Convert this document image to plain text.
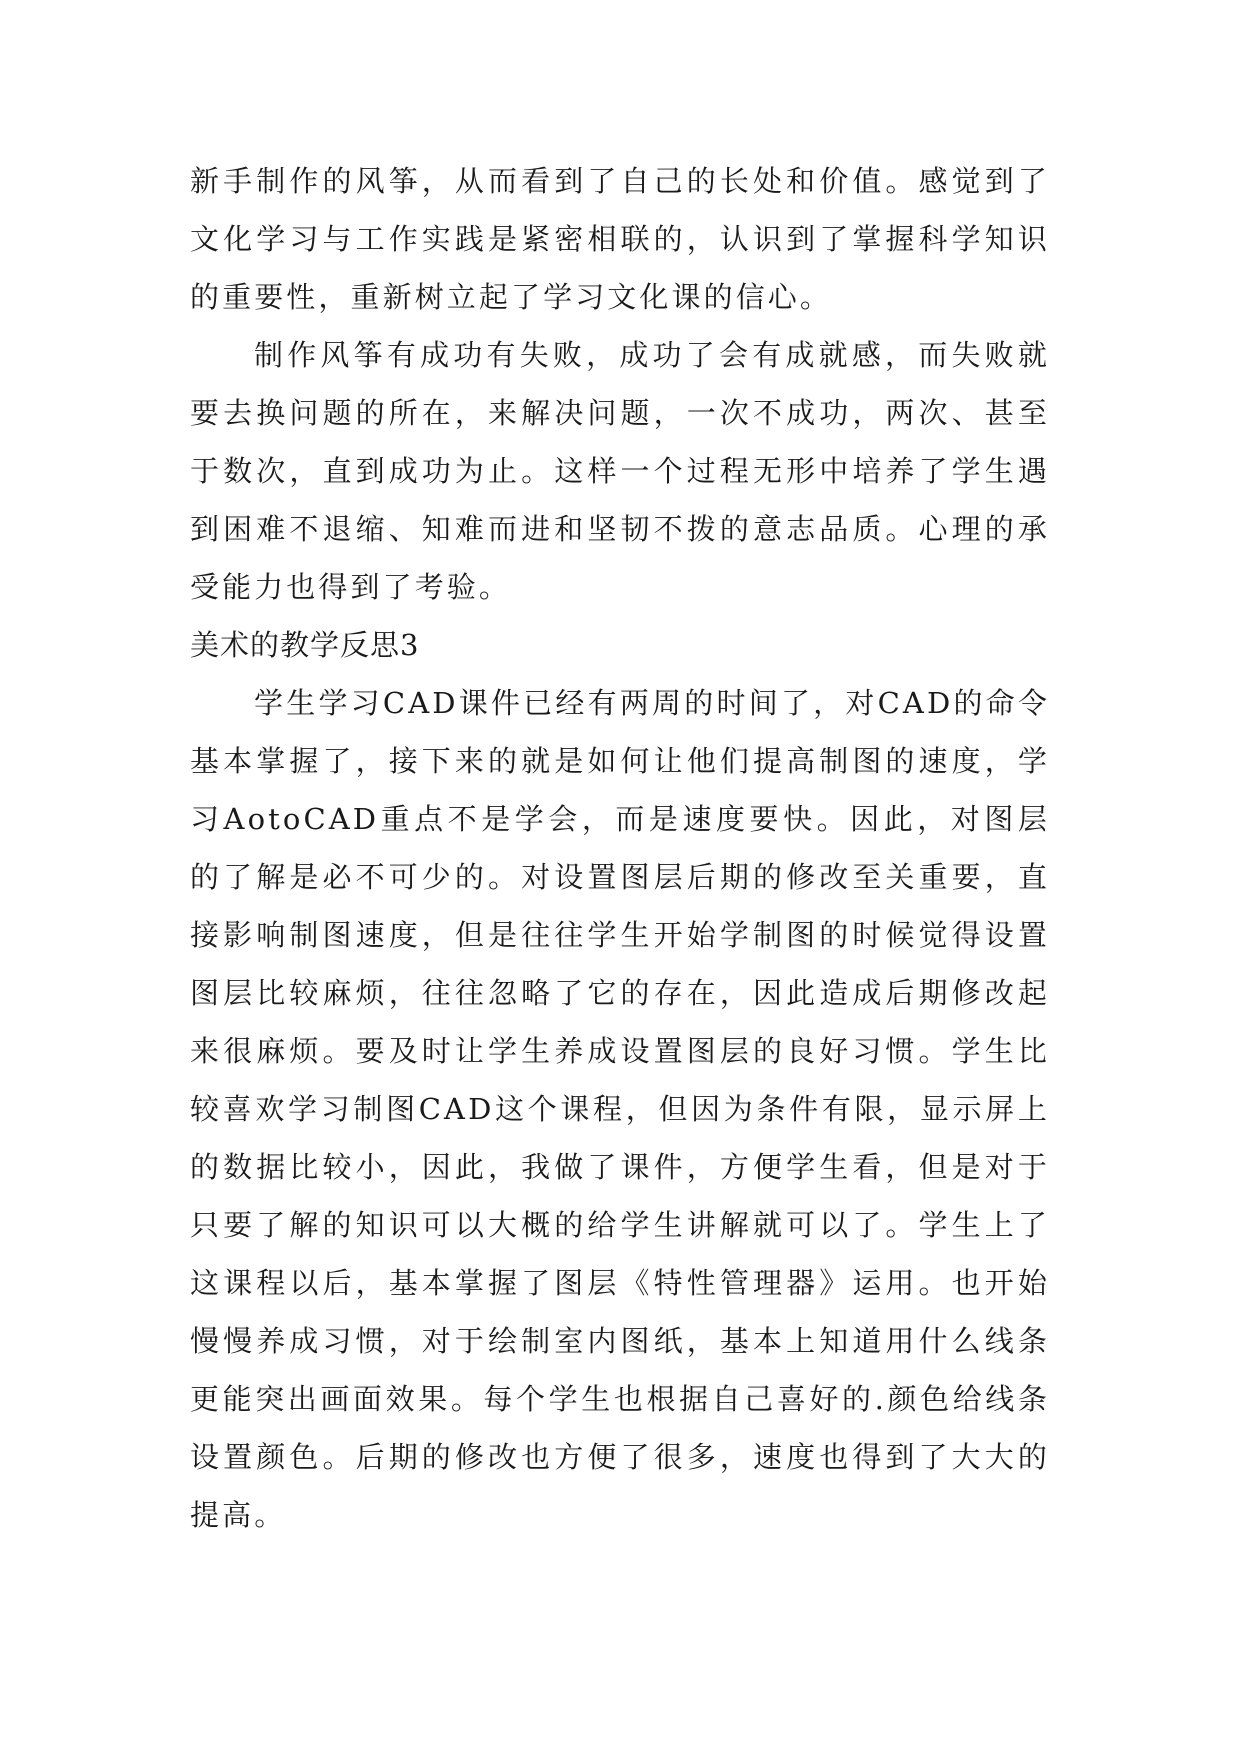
新手制作的风筝，从而看到了自己的长处和价值。感觉到了文化学习与工作实践是紧密相联的，认识到了掌握科学知识的重要性，重新树立起了学习文化课的信心。

制作风筝有成功有失败，成功了会有成就感，而失败就要去换问题的所在，来解决问题，一次不成功，两次、甚至于数次，直到成功为止。这样一个过程无形中培养了学生遇到困难不退缩、知难而进和坚韧不拨的意志品质。心理的承受能力也得到了考验。

美术的教学反思3

学生学习CAD课件已经有两周的时间了，对CAD的命令基本掌握了，接下来的就是如何让他们提高制图的速度，学习AotoCAD重点不是学会，而是速度要快。因此，对图层的了解是必不可少的。对设置图层后期的修改至关重要，直接影响制图速度，但是往往学生开始学制图的时候觉得设置图层比较麻烦，往往忽略了它的存在，因此造成后期修改起来很麻烦。要及时让学生养成设置图层的良好习惯。学生比较喜欢学习制图CAD这个课程，但因为条件有限，显示屏上的数据比较小，因此，我做了课件，方便学生看，但是对于只要了解的知识可以大概的给学生讲解就可以了。学生上了这课程以后，基本掌握了图层《特性管理器》运用。也开始慢慢养成习惯，对于绘制室内图纸，基本上知道用什么线条更能突出画面效果。每个学生也根据自己喜好的.颜色给线条设置颜色。后期的修改也方便了很多，速度也得到了大大的提高。
